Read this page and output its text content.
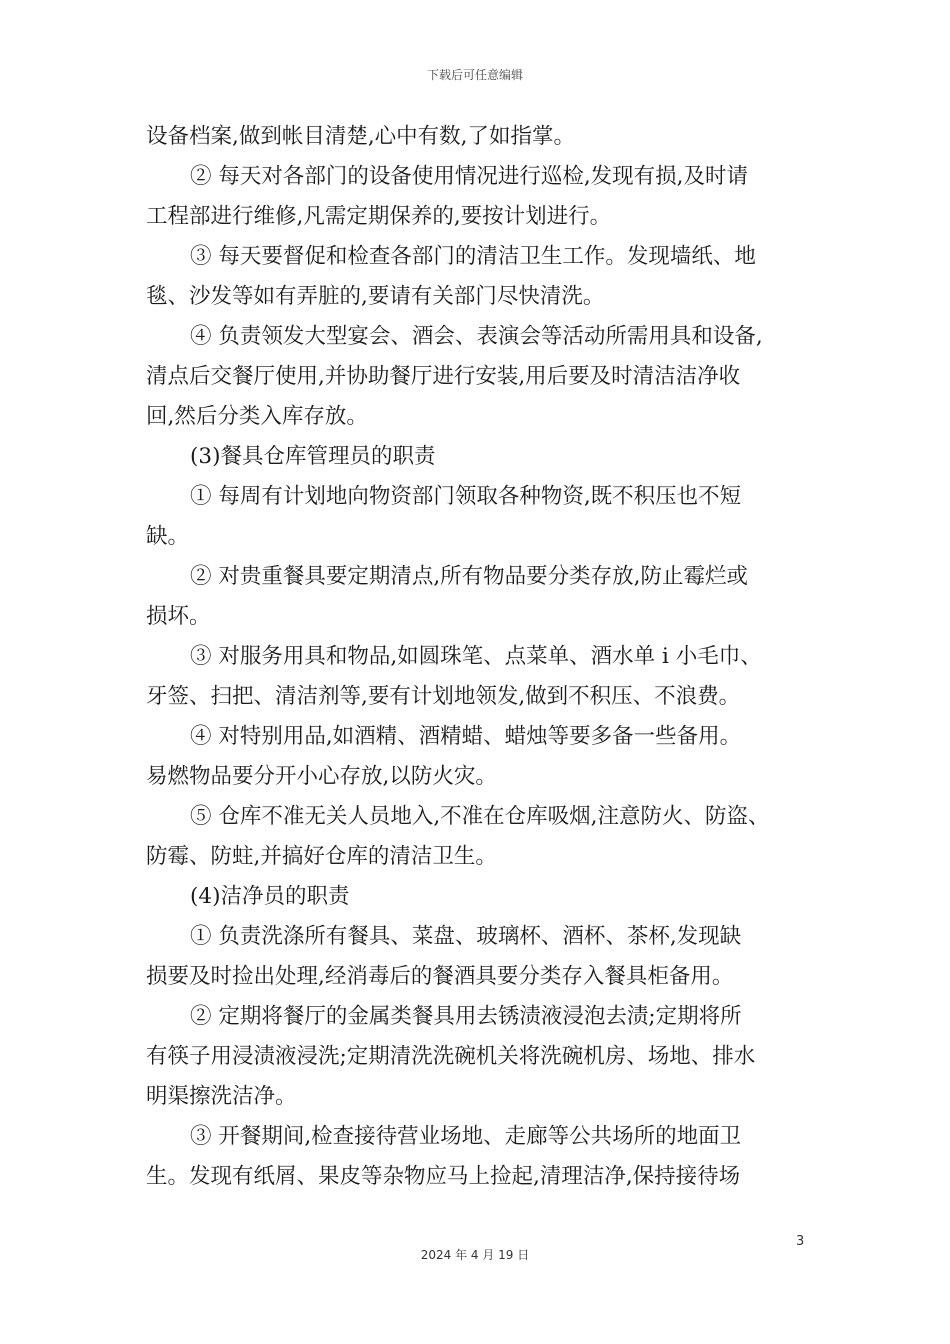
下载后可任意编辑
设备档案,做到帐目清楚,心中有数,了如指掌。
② 每天对各部门的设备使用情况进行巡检,发现有损,及时请
工程部进行维修,凡需定期保养的,要按计划进行。
③ 每天要督促和检查各部门的清洁卫生工作。发现墙纸、地
毯、沙发等如有弄脏的,要请有关部门尽快清洗。
④ 负责领发大型宴会、酒会、表演会等活动所需用具和设备,
清点后交餐厅使用,并协助餐厅进行安装,用后要及时清洁洁净收
回,然后分类入库存放。
(3)餐具仓库管理员的职责
① 每周有计划地向物资部门领取各种物资,既不积压也不短
缺。
② 对贵重餐具要定期清点,所有物品要分类存放,防止霉烂或
损坏。
③ 对服务用具和物品,如圆珠笔、点菜单、酒水单 i 小毛巾、
牙签、扫把、清洁剂等,要有计划地领发,做到不积压、不浪费。
④ 对特别用品,如酒精、酒精蜡、蜡烛等要多备一些备用。
易燃物品要分开小心存放,以防火灾。
⑤ 仓库不准无关人员地入,不准在仓库吸烟,注意防火、防盗、
防霉、防蛀,并搞好仓库的清洁卫生。
(4)洁净员的职责
① 负责洗涤所有餐具、菜盘、玻璃杯、酒杯、茶杯,发现缺
损要及时捡出处理,经消毒后的餐酒具要分类存入餐具柜备用。
② 定期将餐厅的金属类餐具用去锈渍液浸泡去渍;定期将所
有筷子用浸渍液浸洗;定期清洗洗碗机关将洗碗机房、场地、排水
明渠擦洗洁净。
③ 开餐期间,检查接待营业场地、走廊等公共场所的地面卫
生。发现有纸屑、果皮等杂物应马上捡起,清理洁净,保持接待场
3
2024 年 4 月 19 日
